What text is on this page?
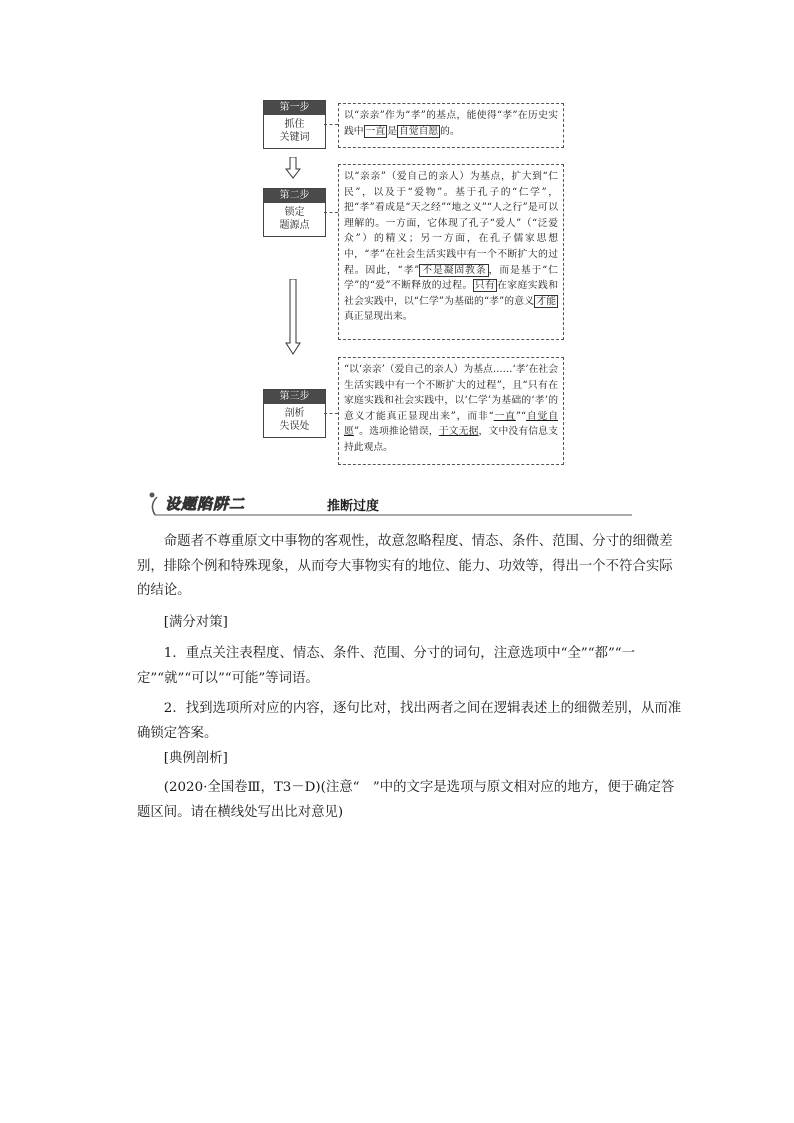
第一步
抓住
关键词
以“亲亲”作为“孝”的基点，能使得“孝”在历史实践中 一直 是 自觉自愿 的。
第二步
锁定
题源点
以“亲亲”（爱自己的亲人）为基点，扩大到“仁民”，以及于“爱物”。基于孔子的“仁学”，把“孝”看成是“天之经”“地之义”“人之行”是可以理解的。一方面，它体现了孔子“爱人”（“泛爱众”）的精义；另一方面，在孔子儒家思想中，“孝”在社会生活实践中有一个不断扩大的过程。因此，“孝” 不是凝固教条 ，而是基于“仁学”的“爱”不断释放的过程。 只有 在家庭实践和社会实践中，以“仁学”为基础的“孝”的意义 才能真正显现出来。
第三步
剖析
失误处
“以‘亲亲’（爱自己的亲人）为基点……‘孝’在社会生活实践中有一个不断扩大的过程”，且“只有在家庭实践和社会实践中，以‘仁学’为基础的‘孝’的意义才能真正显现出来”，而非“一直”“自觉自愿”。选项推论错误，于文无据，文中没有信息支持此观点。
设题陷阱二	推断过度
命题者不尊重原文中事物的客观性，故意忽略程度、情态、条件、范围、分寸的细微差别，排除个例和特殊现象，从而夸大事物实有的地位、能力、功效等，得出一个不符合实际的结论。
[满分对策]
1．重点关注表程度、情态、条件、范围、分寸的词句，注意选项中“全”“都”“一定”“就”“可以”“可能”等词语。
2．找到选项所对应的内容，逐句比对，找出两者之间在逻辑表述上的细微差别，从而准确锁定答案。
[典例剖析]
(2020·全国卷Ⅲ，T3－D)(注意“　”中的文字是选项与原文相对应的地方，便于确定答题区间。请在横线处写出比对意见)
